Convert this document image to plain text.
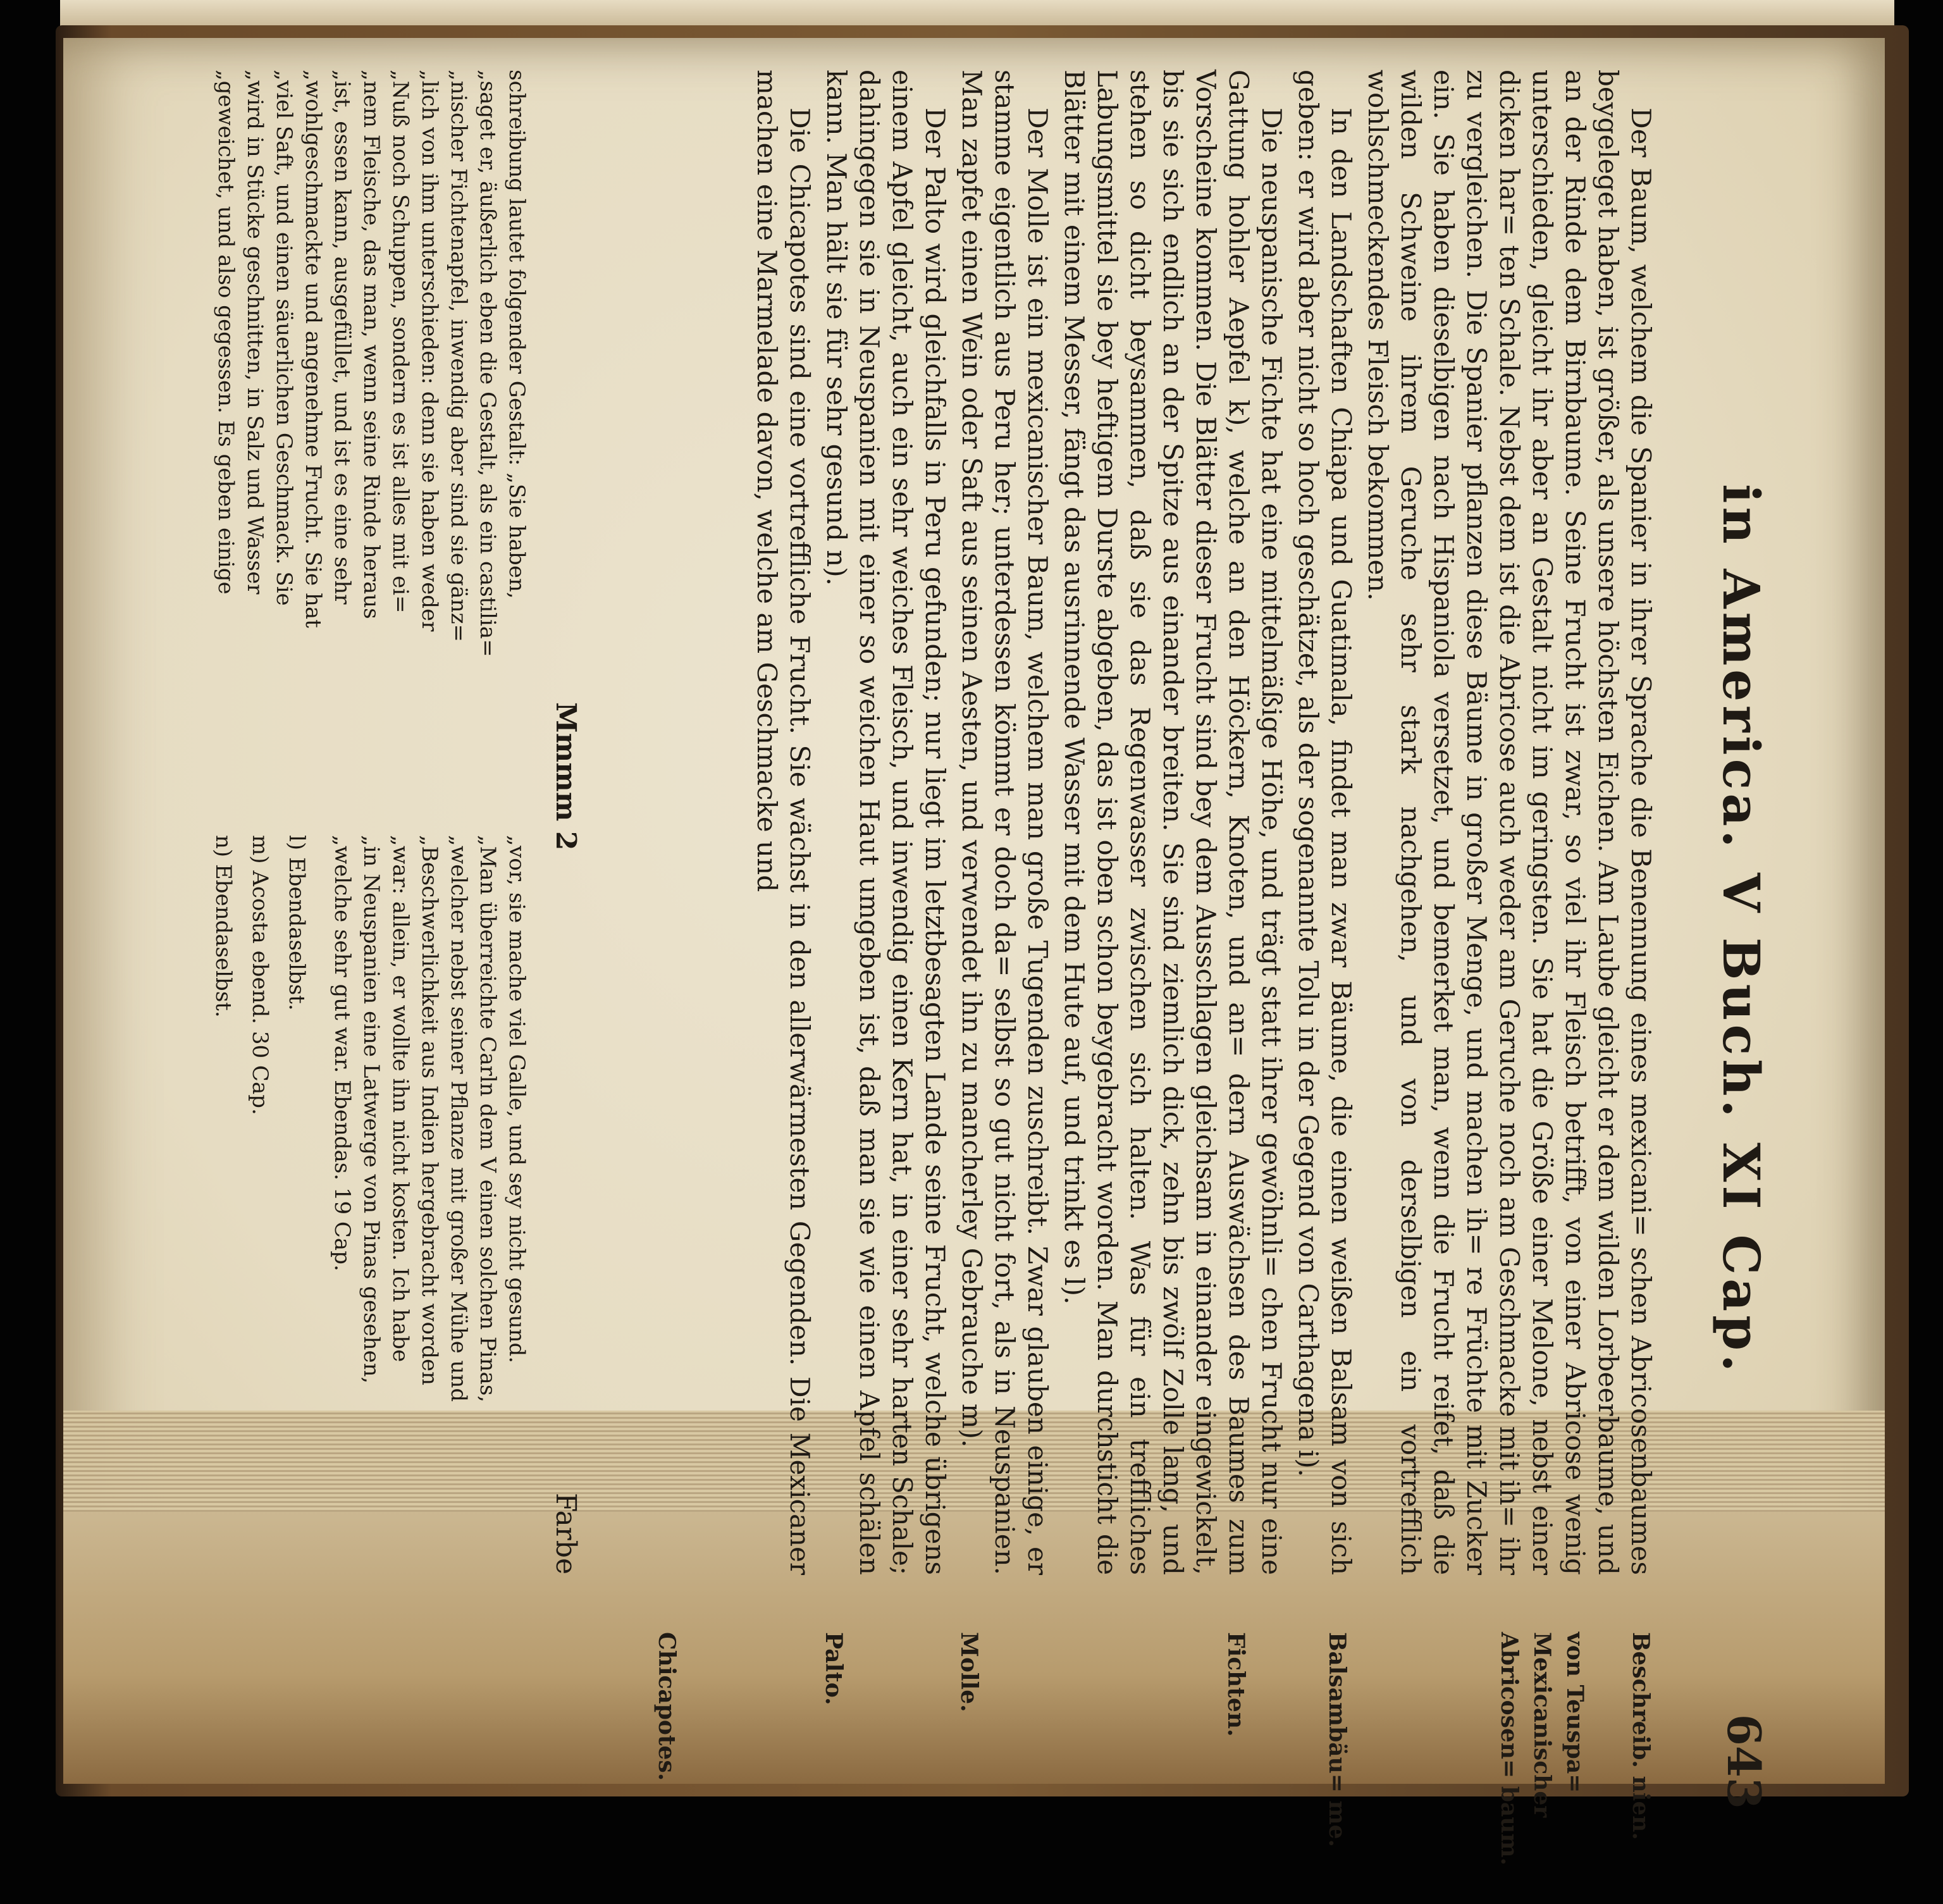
in America. V Buch. XI Cap.
643

Der Baum, welchem die Spanier in ihrer Sprache die Benennung eines mexicani= schen Abricosenbaumes beygeleget haben, ist größer, als unsere höchsten Eichen. Am Laube gleicht er dem wilden Lorbeerbaume, und an der Rinde dem Birnbaume. Seine Frucht ist zwar, so viel ihr Fleisch betrifft, von einer Abricose wenig unterschieden, gleicht ihr aber an Gestalt nicht im geringsten. Sie hat die Größe einer Melone, nebst einer dicken har= ten Schale. Nebst dem ist die Abricose auch weder am Geruche noch am Geschmacke mit ih= ihr zu vergleichen. Die Spanier pflanzen diese Bäume in großer Menge, und machen ih= re Früchte mit Zucker ein. Sie haben dieselbigen nach Hispaniola versetzet, und bemerket man, wenn die Frucht reifet, daß die wilden Schweine ihrem Geruche sehr stark nachgehen, und von derselbigen ein vortrefflich wohlschmeckendes Fleisch bekommen.

In den Landschaften Chiapa und Guatimala, findet man zwar Bäume, die einen weißen Balsam von sich geben: er wird aber nicht so hoch geschätzet, als der sogenannte Tolu in der Gegend von Carthagena i).

Die neuspanische Fichte hat eine mittelmäßige Höhe, und trägt statt ihrer gewöhnli= chen Frucht nur eine Gattung hohler Aepfel k), welche an den Höckern, Knoten, und an= dern Auswächsen des Baumes zum Vorscheine kommen. Die Blätter dieser Frucht sind bey dem Ausschlagen gleichsam in einander eingewickelt, bis sie sich endlich an der Spitze aus einander breiten. Sie sind ziemlich dick, zehn bis zwölf Zolle lang, und stehen so dicht beysammen, daß sie das Regenwasser zwischen sich halten. Was für ein treffliches Labungsmittel sie bey heftigem Durste abgeben, das ist oben schon beygebracht worden. Man durchsticht die Blätter mit einem Messer, fängt das ausrinnende Wasser mit dem Hute auf, und trinkt es l).

Der Molle ist ein mexicanischer Baum, welchem man große Tugenden zuschreibt. Zwar glauben einige, er stamme eigentlich aus Peru her; unterdessen kömmt er doch da= selbst so gut nicht fort, als in Neuspanien. Man zapfet einen Wein oder Saft aus seinen Aesten, und verwendet ihn zu mancherley Gebrauche m).

Der Palto wird gleichfalls in Peru gefunden; nur liegt im letztbesagten Lande seine Frucht, welche übrigens einem Apfel gleicht, auch ein sehr weiches Fleisch, und inwendig einen Kern hat, in einer sehr harten Schale; dahingegen sie in Neuspanien mit einer so weichen Haut umgeben ist, daß man sie wie einen Apfel schälen kann. Man hält sie für sehr gesund n).

Die Chicapotes sind eine vortreffliche Frucht. Sie wächst in den allerwärmesten Gegenden. Die Mexicaner machen eine Marmelade davon, welche am Geschmacke und

Beschreib. nien.

von Teuspa= Mexicanischer Abricosen= baum.

Balsambäu= me.

Fichten.

Molle.

Palto.

Chicapotes.

Mmmm 2
Farbe

schreibung lautet folgender Gestalt: „Sie haben,

„saget er, äußerlich eben die Gestalt, als ein castilia=

„nischer Fichtenapfel, inwendig aber sind sie gänz=

„lich von ihm unterschieden: denn sie haben weder

„Nuß noch Schuppen, sondern es ist alles mit ei=

„nem Fleische, das man, wenn seine Rinde heraus

„ist, essen kann, ausgefüllet, und ist es eine sehr

„wohlgeschmackte und angenehme Frucht. Sie hat

„viel Saft, und einen säuerlichen Geschmack. Sie

„wird in Stücke geschnitten, in Salz und Wasser

„geweichet, und also gegessen. Es geben einige

„vor, sie mache viel Galle, und sey nicht gesund.

„Man überreichte Carln dem V einen solchen Pinas,

„welcher nebst seiner Pflanze mit großer Mühe und

„Beschwerlichkeit aus Indien hergebracht worden

„war: allein, er wollte ihn nicht kosten. Ich habe

„in Neuspanien eine Latwerge von Pinas gesehen,

„welche sehr gut war. Ebendas. 19 Cap.

l) Ebendaselbst.

m) Acosta ebend. 30 Cap.

n) Ebendaselbst.
